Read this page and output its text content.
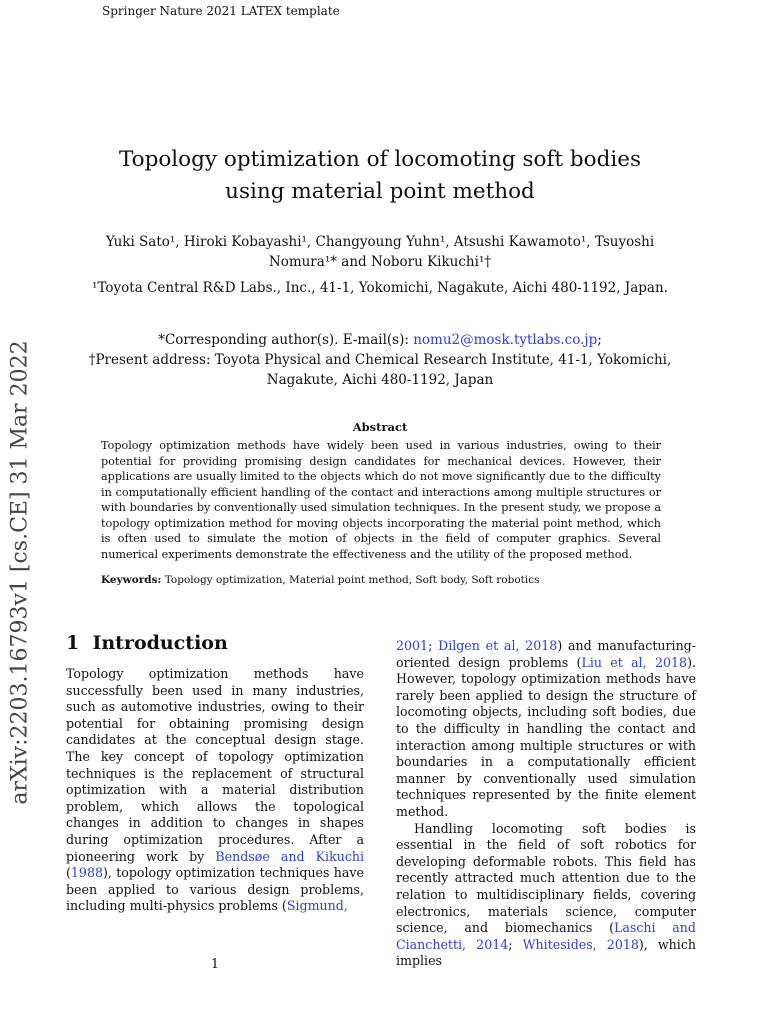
Springer Nature 2021 LATEX template
arXiv:2203.16793v1 [cs.CE] 31 Mar 2022
Topology optimization of locomoting soft bodies using material point method
Yuki Sato¹, Hiroki Kobayashi¹, Changyoung Yuhn¹, Atsushi Kawamoto¹, Tsuyoshi
Nomura¹* and Noboru Kikuchi¹†
¹Toyota Central R&D Labs., Inc., 41-1, Yokomichi, Nagakute, Aichi 480-1192, Japan.
*Corresponding author(s). E-mail(s): nomu2@mosk.tytlabs.co.jp;
†Present address: Toyota Physical and Chemical Research Institute, 41-1, Yokomichi,
Nagakute, Aichi 480-1192, Japan
Abstract
Topology optimization methods have widely been used in various industries, owing to their potential for providing promising design candidates for mechanical devices. However, their applications are usually limited to the objects which do not move significantly due to the difficulty in computationally efficient handling of the contact and interactions among multiple structures or with boundaries by conventionally used simulation techniques. In the present study, we propose a topology optimization method for moving objects incorporating the material point method, which is often used to simulate the motion of objects in the field of computer graphics. Several numerical experiments demonstrate the effectiveness and the utility of the proposed method.
Keywords: Topology optimization, Material point method, Soft body, Soft robotics
1 Introduction

Topology optimization methods have successfully been used in many industries, such as automotive industries, owing to their potential for obtaining promising design candidates at the conceptual design stage. The key concept of topology optimization techniques is the replacement of structural optimization with a material distribution problem, which allows the topological changes in addition to changes in shapes during optimization procedures. After a pioneering work by Bendsøe and Kikuchi (1988), topology optimization techniques have been applied to various design problems, including multi-physics problems (Sigmund,

2001; Dilgen et al, 2018) and manufacturing-oriented design problems (Liu et al, 2018). However, topology optimization methods have rarely been applied to design the structure of locomoting objects, including soft bodies, due to the difficulty in handling the contact and interaction among multiple structures or with boundaries in a computationally efficient manner by conventionally used simulation techniques represented by the finite element method.

Handling locomoting soft bodies is essential in the field of soft robotics for developing deformable robots. This field has recently attracted much attention due to the relation to multidisciplinary fields, covering electronics, materials science, computer science, and biomechanics (Laschi and Cianchetti, 2014; Whitesides, 2018), which implies

1
